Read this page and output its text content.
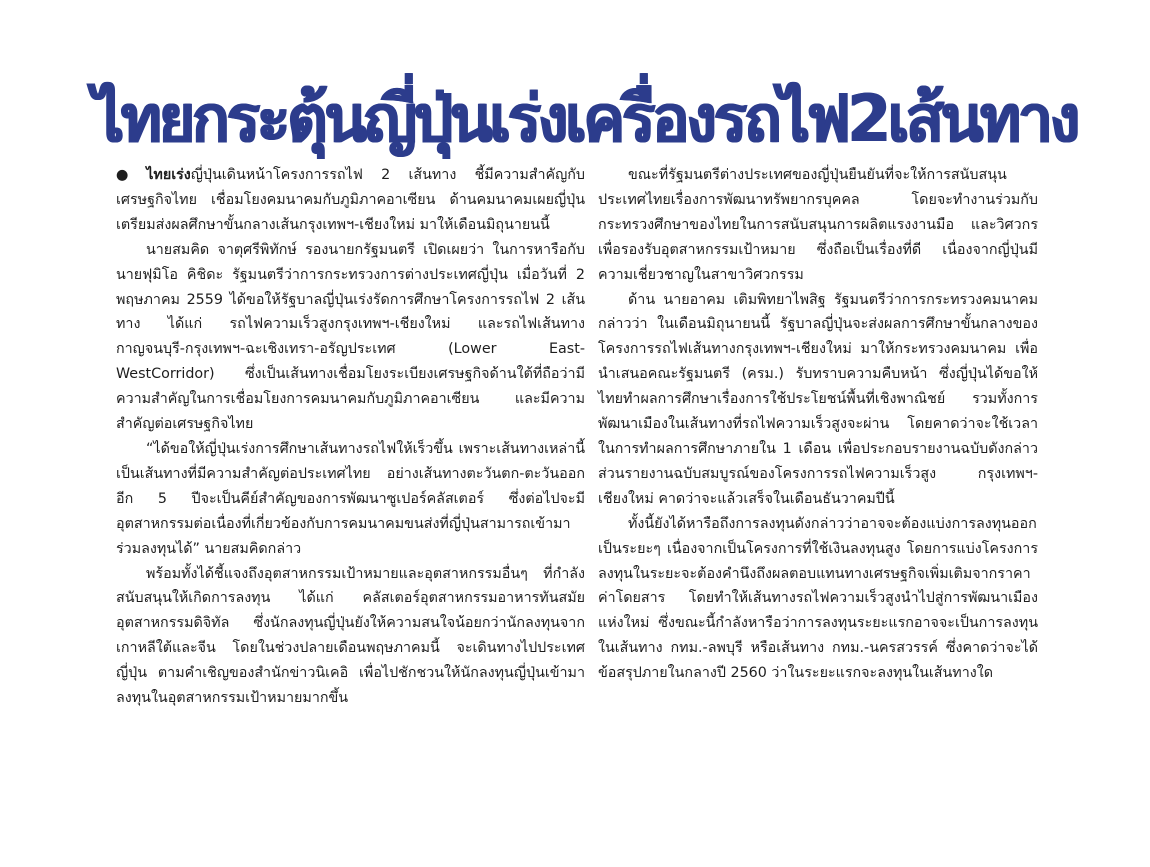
ไทยกระตุ้นญี่ปุ่นเร่งเครื่องรถไฟ2เส้นทาง

● ไทยเร่งญี่ปุ่นเดินหน้าโครงการรถไฟ 2 เส้นทาง ชี้มีความสำคัญกับเศรษฐกิจไทย เชื่อมโยงคมนาคมกับภูมิภาคอาเซียน ด้านคมนาคมเผยญี่ปุ่นเตรียมส่งผลศึกษาขั้นกลางเส้นกรุงเทพฯ-เชียงใหม่ มาให้เดือนมิถุนายนนี้

นายสมคิด จาตุศรีพิทักษ์ รองนายกรัฐมนตรี เปิดเผยว่า ในการหารือกับนายฟุมิโอ คิชิดะ รัฐมนตรีว่าการกระทรวงการต่างประเทศญี่ปุ่น เมื่อวันที่ 2 พฤษภาคม 2559 ได้ขอให้รัฐบาลญี่ปุ่นเร่งรัดการศึกษาโครงการรถไฟ 2 เส้นทาง ได้แก่ รถไฟความเร็วสูงกรุงเทพฯ-เชียงใหม่ และรถไฟเส้นทางกาญจนบุรี-กรุงเทพฯ-ฉะเชิงเทรา-อรัญประเทศ (Lower East-WestCorridor) ซึ่งเป็นเส้นทางเชื่อมโยงระเบียงเศรษฐกิจด้านใต้ที่ถือว่ามีความสำคัญในการเชื่อมโยงการคมนาคมกับภูมิภาคอาเซียน และมีความสำคัญต่อเศรษฐกิจไทย

“ได้ขอให้ญี่ปุ่นเร่งการศึกษาเส้นทางรถไฟให้เร็วขึ้น เพราะเส้นทางเหล่านี้เป็นเส้นทางที่มีความสำคัญต่อประเทศไทย อย่างเส้นทางตะวันตก-ตะวันออก อีก 5 ปีจะเป็นคีย์สำคัญของการพัฒนาซูเปอร์คลัสเตอร์ ซึ่งต่อไปจะมีอุตสาหกรรมต่อเนื่องที่เกี่ยวข้องกับการคมนาคมขนส่งที่ญี่ปุ่นสามารถเข้ามาร่วมลงทุนได้” นายสมคิดกล่าว

พร้อมทั้งได้ชี้แจงถึงอุตสาหกรรมเป้าหมายและอุตสาหกรรมอื่นๆ ที่กำลังสนับสนุนให้เกิดการลงทุน ได้แก่ คลัสเตอร์อุตสาหกรรมอาหารทันสมัย อุตสาหกรรมดิจิทัล ซึ่งนักลงทุนญี่ปุ่นยังให้ความสนใจน้อยกว่านักลงทุนจากเกาหลีใต้และจีน โดยในช่วงปลายเดือนพฤษภาคมนี้ จะเดินทางไปประเทศญี่ปุ่น ตามคำเชิญของสำนักข่าวนิเคอิ เพื่อไปชักชวนให้นักลงทุนญี่ปุ่นเข้ามาลงทุนในอุตสาหกรรมเป้าหมายมากขึ้น

ขณะที่รัฐมนตรีต่างประเทศของญี่ปุ่นยืนยันที่จะให้การสนับสนุนประเทศไทยเรื่องการพัฒนาทรัพยากรบุคคล โดยจะทำงานร่วมกับกระทรวงศึกษาของไทยในการสนับสนุนการผลิตแรงงานมือ และวิศวกรเพื่อรองรับอุตสาหกรรมเป้าหมาย ซึ่งถือเป็นเรื่องที่ดี เนื่องจากญี่ปุ่นมีความเชี่ยวชาญในสาขาวิศวกรรม

ด้าน นายอาคม เติมพิทยาไพสิฐ รัฐมนตรีว่าการกระทรวงคมนาคม กล่าวว่า ในเดือนมิถุนายนนี้ รัฐบาลญี่ปุ่นจะส่งผลการศึกษาขั้นกลางของโครงการรถไฟเส้นทางกรุงเทพฯ-เชียงใหม่ มาให้กระทรวงคมนาคม เพื่อนำเสนอคณะรัฐมนตรี (ครม.) รับทราบความคืบหน้า ซึ่งญี่ปุ่นได้ขอให้ไทยทำผลการศึกษาเรื่องการใช้ประโยชน์พื้นที่เชิงพาณิชย์ รวมทั้งการพัฒนาเมืองในเส้นทางที่รถไฟความเร็วสูงจะผ่าน โดยคาดว่าจะใช้เวลาในการทำผลการศึกษาภายใน 1 เดือน เพื่อประกอบรายงานฉบับดังกล่าว ส่วนรายงานฉบับสมบูรณ์ของโครงการรถไฟความเร็วสูง กรุงเทพฯ-เชียงใหม่ คาดว่าจะแล้วเสร็จในเดือนธันวาคมปีนี้

ทั้งนี้ยังได้หารือถึงการลงทุนดังกล่าวว่าอาจจะต้องแบ่งการลงทุนออกเป็นระยะๆ เนื่องจากเป็นโครงการที่ใช้เงินลงทุนสูง โดยการแบ่งโครงการลงทุนในระยะจะต้องคำนึงถึงผลตอบแทนทางเศรษฐกิจเพิ่มเติมจากราคาค่าโดยสาร โดยทำให้เส้นทางรถไฟความเร็วสูงนำไปสู่การพัฒนาเมืองแห่งใหม่ ซึ่งขณะนี้กำลังหารือว่าการลงทุนระยะแรกอาจจะเป็นการลงทุนในเส้นทาง กทม.-ลพบุรี หรือเส้นทาง กทม.-นครสวรรค์ ซึ่งคาดว่าจะได้ข้อสรุปภายในกลางปี 2560 ว่าในระยะแรกจะลงทุนในเส้นทางใด
